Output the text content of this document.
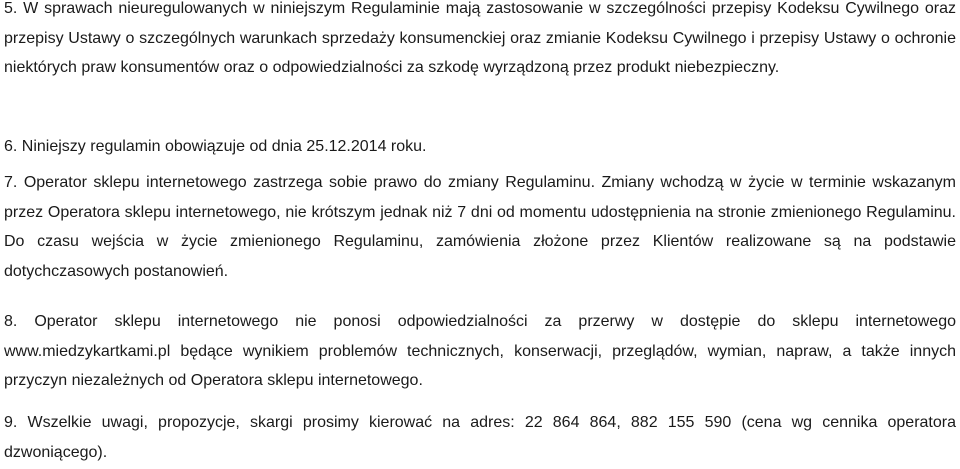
5. W sprawach nieuregulowanych w niniejszym Regulaminie mają zastosowanie w szczególności przepisy Kodeksu Cywilnego oraz przepisy Ustawy o szczególnych warunkach sprzedaży konsumenckiej oraz zmianie Kodeksu Cywilnego i przepisy Ustawy o ochronie niektórych praw konsumentów oraz o odpowiedzialności za szkodę wyrządzoną przez produkt niebezpieczny.

6. Niniejszy regulamin obowiązuje od dnia 25.12.2014 roku.

7. Operator sklepu internetowego zastrzega sobie prawo do zmiany Regulaminu. Zmiany wchodzą w życie w terminie wskazanym przez Operatora sklepu internetowego, nie krótszym jednak niż 7 dni od momentu udostępnienia na stronie zmienionego Regulaminu. Do czasu wejścia w życie zmienionego Regulaminu, zamówienia złożone przez Klientów realizowane są na podstawie dotychczasowych postanowień.

8. Operator sklepu internetowego nie ponosi odpowiedzialności za przerwy w dostępie do sklepu internetowego www.miedzykartkami.pl będące wynikiem problemów technicznych, konserwacji, przeglądów, wymian, napraw, a także innych przyczyn niezależnych od Operatora sklepu internetowego.

9. Wszelkie uwagi, propozycje, skargi prosimy kierować na adres: 22 864 864, 882 155 590 (cena wg cennika operatora dzwoniącego).
